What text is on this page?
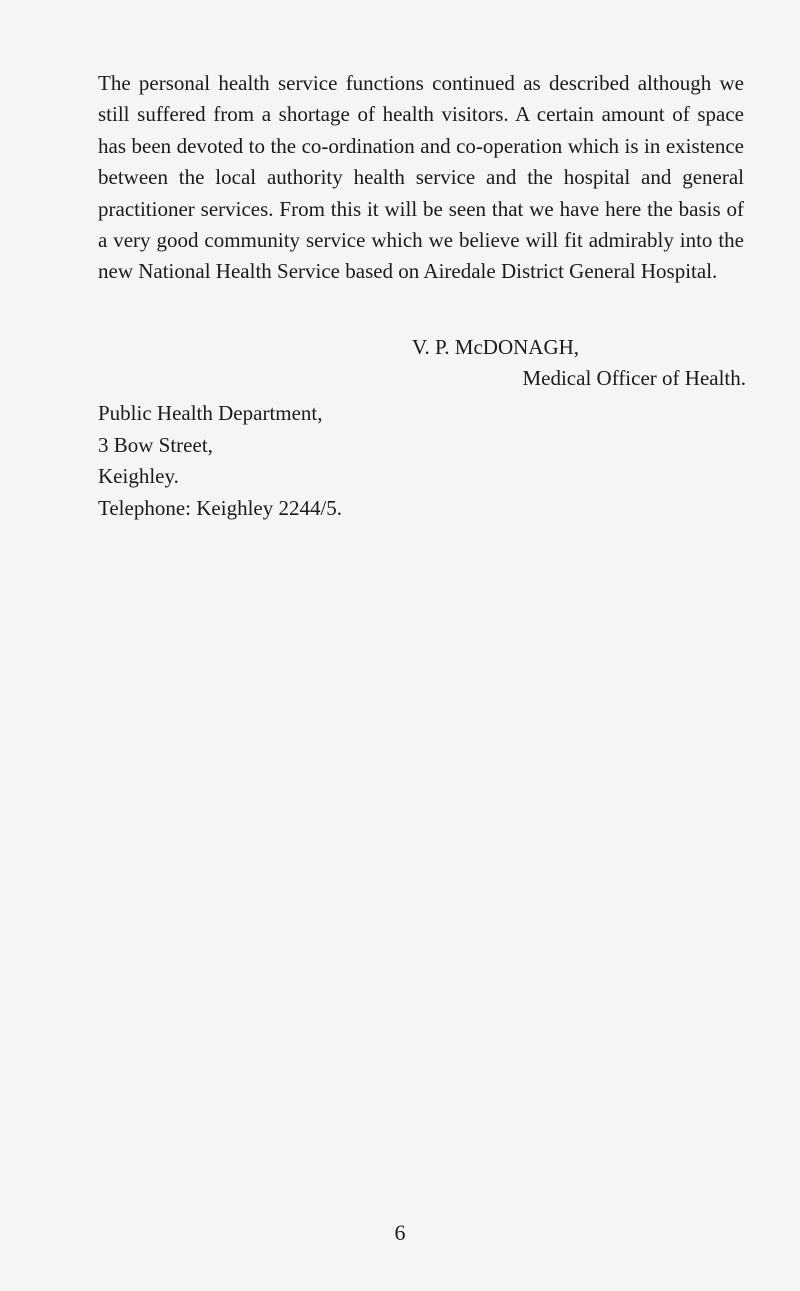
The personal health service functions continued as described although we still suffered from a shortage of health visitors. A certain amount of space has been devoted to the co-ordination and co-operation which is in existence between the local authority health service and the hospital and general practitioner services. From this it will be seen that we have here the basis of a very good community service which we believe will fit admirably into the new National Health Service based on Airedale District General Hospital.

V. P. McDONAGH,
Medical Officer of Health.
Public Health Department,
3 Bow Street,
Keighley.
Telephone: Keighley 2244/5.
6
